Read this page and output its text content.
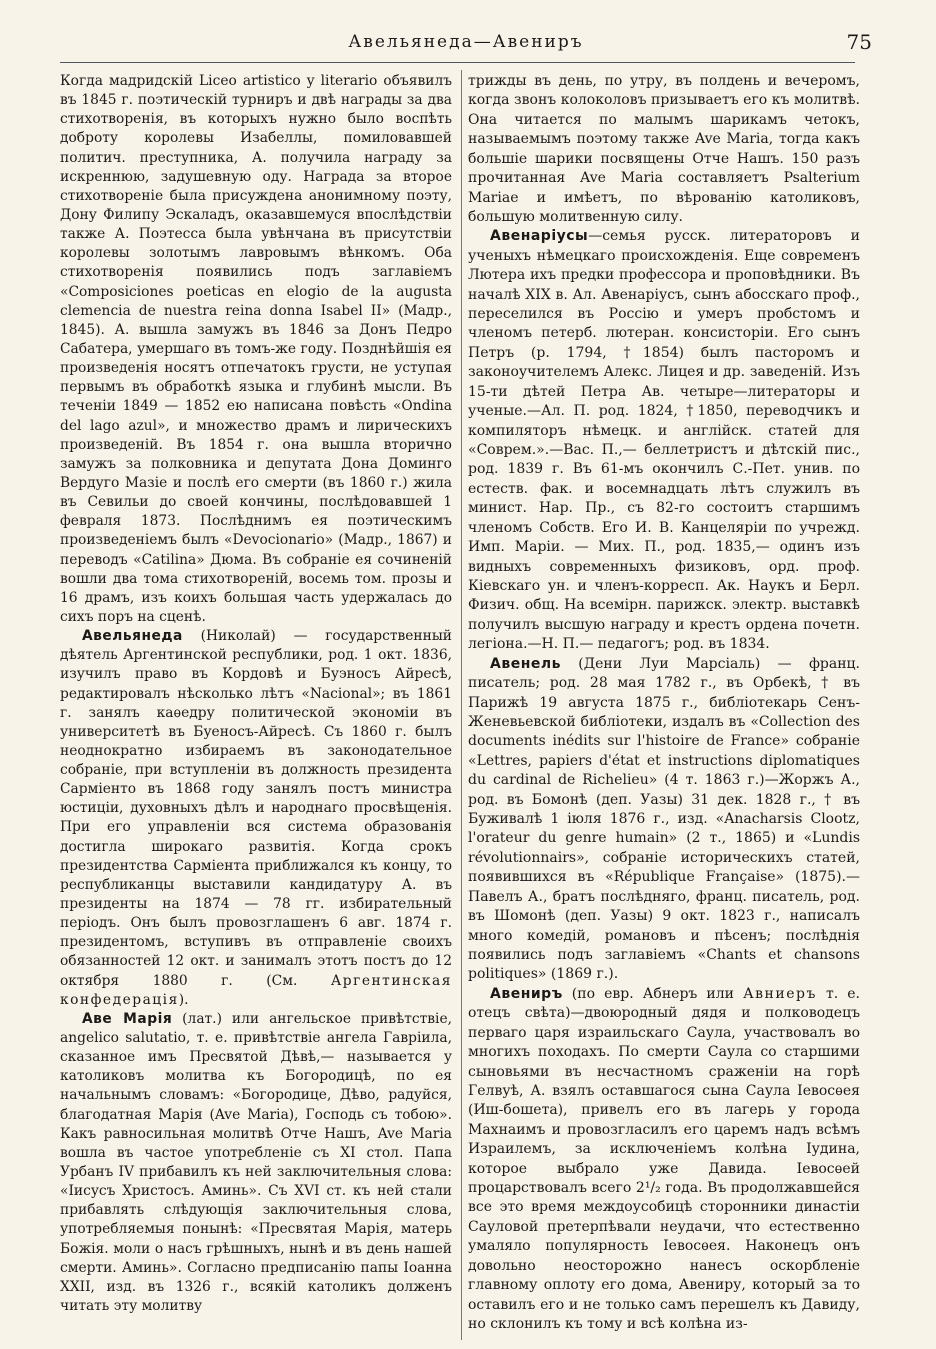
Авельянеда—Авениръ	75

Когда мадридскій Liceo artistico y literario объявилъ въ 1845 г. поэтическій турниръ и двѣ награды за два стихотворенія, въ которыхъ нужно было воспѣть доброту королевы Изабеллы, помиловавшей политич. преступника, А. получила награду за искреннюю, задушевную оду. Награда за второе стихотвореніе была присуждена анонимному поэту, Дону Филипу Эскаладъ, оказавшемуся впослѣдствіи также А. Поэтесса была увѣнчана въ присутствіи королевы золотымъ лавровымъ вѣнкомъ. Оба стихотворенія появились подъ заглавіемъ «Composiciones poeticas en elogio de la augusta clemencia de nuestra reina donna Isabel II» (Мадр., 1845). А. вышла замужъ въ 1846 за Донъ Педро Сабатера, умершаго въ томъ-же году. Позднѣйшія ея произведенія носятъ отпечатокъ грусти, не уступая первымъ въ обработкѣ языка и глубинѣ мысли. Въ теченіи 1849 — 1852 ею написана повѣсть «Ondina del lago azul», и множество драмъ и лирическихъ произведеній. Въ 1854 г. она вышла вторично замужъ за полковника и депутата Дона Доминго Вердуго Мазіе и послѣ его смерти (въ 1860 г.) жила въ Севильи до своей кончины, послѣдовавшей 1 февраля 1873. Послѣднимъ ея поэтическимъ произведеніемъ былъ «Devocionario» (Мадр., 1867) и переводъ «Catilina» Дюма. Въ собраніе ея сочиненій вошли два тома стихотвореній, восемь том. прозы и 16 драмъ, изъ коихъ большая часть удержалась до сихъ поръ на сценѣ.

Авельянеда (Николай) — государственный дѣятель Аргентинской республики, род. 1 окт. 1836, изучилъ право въ Кордовѣ и Буэносъ Айресѣ, редактировалъ нѣсколько лѣтъ «Nacional»; въ 1861 г. занялъ каѳедру политической экономіи въ университетѣ въ Буеносъ-Айресѣ. Съ 1860 г. былъ неоднократно избираемъ въ законодательное собраніе, при вступленіи въ должность президента Сарміенто въ 1868 году занялъ постъ министра юстиціи, духовныхъ дѣлъ и народнаго просвѣщенія. При его управленіи вся система образованія достигла широкаго развитія. Когда срокъ президентства Сарміента приближался къ концу, то республиканцы выставили кандидатуру А. въ президенты на 1874 — 78 гг. избирательный періодъ. Онъ былъ провозглашенъ 6 авг. 1874 г. президентомъ, вступивъ въ отправленіе своихъ обязанностей 12 окт. и занималъ этотъ постъ до 12 октября 1880 г. (См. Аргентинская конфедерація).

Аве Марія (лат.) или ангельское привѣтствіе, angelico salutatio, т. е. привѣтствіе ангела Гавріила, сказанное имъ Пресвятой Дѣвѣ,— называется у католиковъ молитва къ Богородицѣ, по ея начальнымъ словамъ: «Богородице, Дѣво, радуйся, благодатная Марія (Ave Maria), Господь съ тобою». Какъ равносильная молитвѣ Отче Нашъ, Ave Maria вошла въ частое употребленіе съ XI стол. Папа Урбанъ IV прибавилъ къ ней заключительныя слова: «Іисусъ Христосъ. Аминь». Съ XVI ст. къ ней стали прибавлять слѣдующія заключительныя слова, употребляемыя понынѣ: «Пресвятая Марія, матерь Божія. моли о насъ грѣшныхъ, нынѣ и въ день нашей смерти. Аминь». Согласно предписанію папы Іоанна XXII, изд. въ 1326 г., всякій католикъ долженъ читать эту молитву

трижды въ день, по утру, въ полдень и вечеромъ, когда звонъ колоколовъ призываетъ его къ молитвѣ. Она читается по малымъ шарикамъ четокъ, называемымъ поэтому также Ave Maria, тогда какъ большіе шарики посвящены Отче Нашъ. 150 разъ прочитанная Ave Maria составляетъ Psalterium Mariae и имѣетъ, по вѣрованію католиковъ, большую молитвенную силу.

Авенаріусы—семья русск. литераторовъ и ученыхъ нѣмецкаго происхожденія. Еще современъ Лютера ихъ предки профессора и проповѣдники. Въ началѣ XIX в. Ал. Авенаріусъ, сынъ абосскаго проф., переселился въ Россію и умеръ пробстомъ и членомъ петерб. лютеран. консисторіи. Его сынъ Петръ (р. 1794, †1854) былъ пасторомъ и законоучителемъ Алекс. Лицея и др. заведеній. Изъ 15-ти дѣтей Петра Ав. четыре—литераторы и ученые.—Ал. П. род. 1824, †1850, переводчикъ и компиляторъ нѣмецк. и англійск. статей для «Соврем.».—Вас. П.,— беллетристъ и дѣтскій пис., род. 1839 г. Въ 61-мъ окончилъ С.-Пет. унив. по естеств. фак. и восемнадцать лѣтъ служилъ въ минист. Нар. Пр., съ 82-го состоитъ старшимъ членомъ Собств. Его И. В. Канцеляріи по учрежд. Имп. Маріи. — Мих. П., род. 1835,— одинъ изъ видныхъ современныхъ физиковъ, орд. проф. Кіевскаго ун. и членъ-корресп. Ак. Наукъ и Берл. Физич. общ. На всемірн. парижск. электр. выставкѣ получилъ высшую награду и крестъ ордена почетн. легіона.—Н. П.— педагогъ; род. въ 1834.

Авенель (Дени Луи Марсіаль) — франц. писатель; род. 28 мая 1782 г., въ Орбекѣ, † въ Парижѣ 19 августа 1875 г., библіотекарь Сенъ-Женевьевской библіотеки, издалъ въ «Collection des documents inédits sur l'histoire de France» собраніе «Lettres, papiers d'état et instructions diplomatiques du cardinal de Richelieu» (4 т. 1863 г.)—Жоржъ А., род. въ Бомонѣ (деп. Уазы) 31 дек. 1828 г., † въ Буживалѣ 1 іюля 1876 г., изд. «Anacharsis Clootz, l'orateur du genre humain» (2 т., 1865) и «Lundis révolutionnairs», собраніе историческихъ статей, появившихся въ «République Française» (1875).—Павелъ А., братъ послѣдняго, франц. писатель, род. въ Шомонѣ (деп. Уазы) 9 окт. 1823 г., написалъ много комедій, романовъ и пѣсенъ; послѣднія появились подъ заглавіемъ «Chants et chansons politiques» (1869 г.).

Авениръ (по евр. Абнеръ или Авниеръ т. е. отецъ свѣта)—двоюродный дядя и полководецъ перваго царя израильскаго Саула, участвовалъ во многихъ походахъ. По смерти Саула со старшими сыновьями въ несчастномъ сраженіи на горѣ Гелвуѣ, А. взялъ оставшагося сына Саула Іевосѳея (Иш-бошета), привелъ его въ лагерь у города Махнаимъ и провозгласилъ его царемъ надъ всѣмъ Израилемъ, за исключеніемъ колѣна Іудина, которое выбрало уже Давида. Іевосѳей процарствовалъ всего 2¹/₂ года. Въ продолжавшейся все это время междоусобицѣ сторонники династіи Сауловой претерпѣвали неудачи, что естественно умаляло популярность Іевосѳея. Наконецъ онъ довольно неосторожно нанесъ оскорбленіе главному оплоту его дома, Авениру, который за то оставилъ его и не только самъ перешелъ къ Давиду, но склонилъ къ тому и всѣ колѣна из-
